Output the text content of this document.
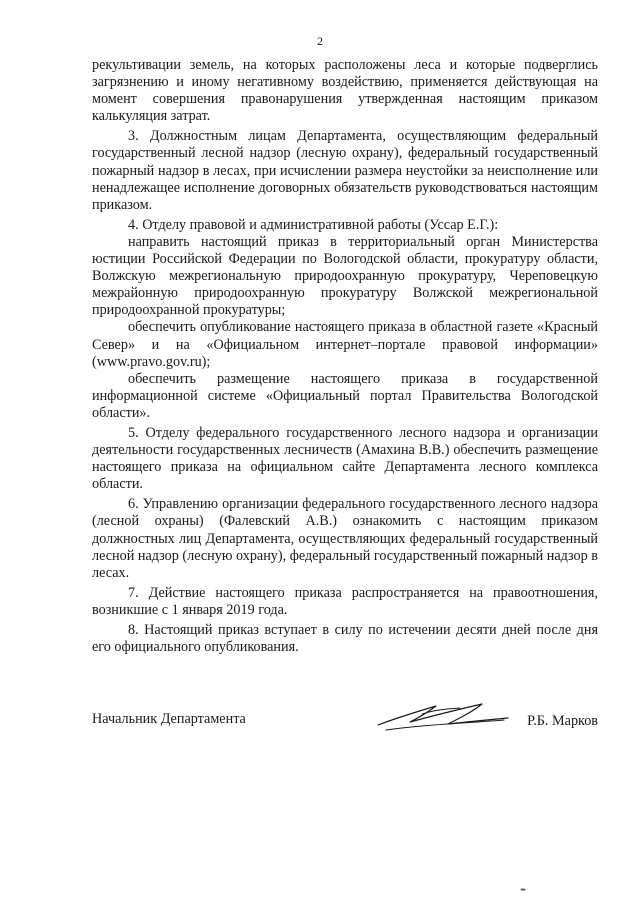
2

рекультивации земель, на которых расположены леса и которые подверглись загрязнению и иному негативному воздействию, применяется действующая на момент совершения правонарушения утвержденная настоящим приказом калькуляция затрат.

3. Должностным лицам Департамента, осуществляющим федеральный государственный лесной надзор (лесную охрану), федеральный государственный пожарный надзор в лесах, при исчислении размера неустойки за неисполнение или ненадлежащее исполнение договорных обязательств руководствоваться настоящим приказом.

4. Отделу правовой и административной работы (Уссар Е.Г.):

направить настоящий приказ в территориальный орган Министерства юстиции Российской Федерации по Вологодской области, прокуратуру области, Волжскую межрегиональную природоохранную прокуратуру, Череповецкую межрайонную природоохранную прокуратуру Волжской межрегиональной природоохранной прокуратуры;

обеспечить опубликование настоящего приказа в областной газете «Красный Север» и на «Официальном интернет–портале правовой информации» (www.pravo.gov.ru);

обеспечить размещение настоящего приказа в государственной информационной системе «Официальный портал Правительства Вологодской области».

5. Отделу федерального государственного лесного надзора и организации деятельности государственных лесничеств (Амахина В.В.) обеспечить размещение настоящего приказа на официальном сайте Департамента лесного комплекса области.

6. Управлению организации федерального государственного лесного надзора (лесной охраны) (Фалевский А.В.) ознакомить с настоящим приказом должностных лиц Департамента, осуществляющих федеральный государственный лесной надзор (лесную охрану), федеральный государственный пожарный надзор в лесах.

7. Действие настоящего приказа распространяется на правоотношения, возникшие с 1 января 2019 года.

8. Настоящий приказ вступает в силу по истечении десяти дней после дня его официального опубликования.

Начальник Департамента	Р.Б. Марков
